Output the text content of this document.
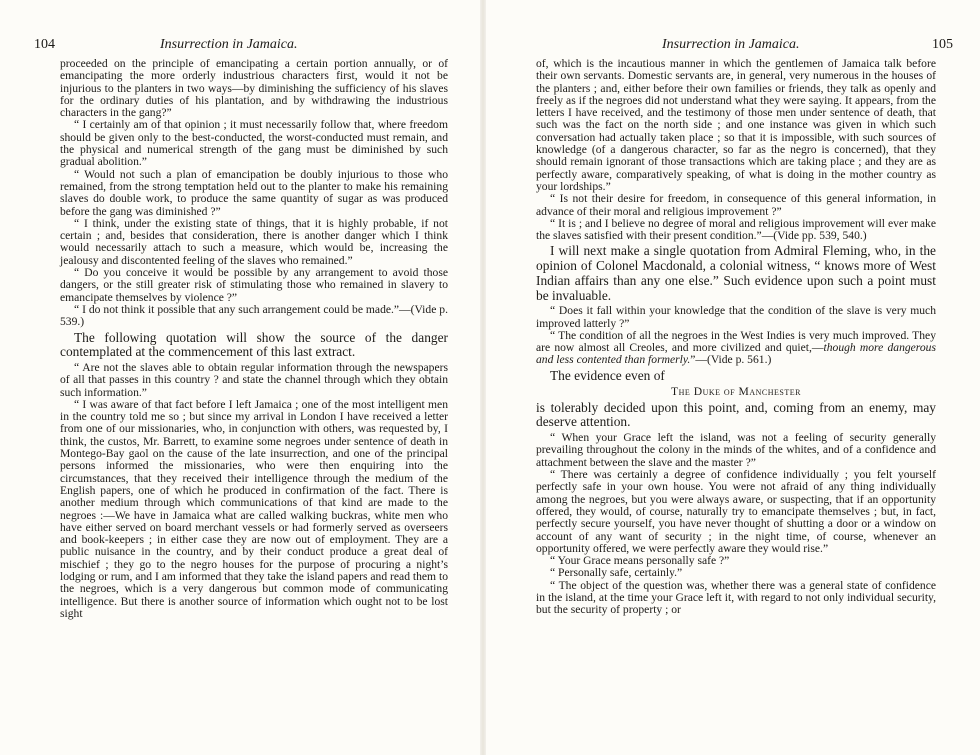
104	Insurrection in Jamaica.

proceeded on the principle of emancipating a certain portion annually, or of emancipating the more orderly industrious characters first, would it not be injurious to the planters in two ways—by diminishing the sufficiency of his slaves for the ordinary duties of his plantation, and by withdrawing the industrious characters in the gang?”

“ I certainly am of that opinion ; it must necessarily follow that, where freedom should be given only to the best-conducted, the worst-conducted must remain, and the physical and numerical strength of the gang must be diminished by such gradual abolition.”

“ Would not such a plan of emancipation be doubly injurious to those who remained, from the strong temptation held out to the planter to make his remaining slaves do double work, to produce the same quantity of sugar as was produced before the gang was diminished ?”

“ I think, under the existing state of things, that it is highly probable, if not certain ; and, besides that consideration, there is another danger which I think would necessarily attach to such a measure, which would be, increasing the jealousy and discontented feeling of the slaves who remained.”

“ Do you conceive it would be possible by any arrangement to avoid those dangers, or the still greater risk of stimulating those who remained in slavery to emancipate themselves by violence ?”

“ I do not think it possible that any such arrangement could be made.”—(Vide p. 539.)

The following quotation will show the source of the danger contemplated at the commencement of this last extract.

“ Are not the slaves able to obtain regular information through the newspapers of all that passes in this country ? and state the channel through which they obtain such information.”

“ I was aware of that fact before I left Jamaica ; one of the most intelligent men in the country told me so ; but since my arrival in London I have received a letter from one of our missionaries, who, in conjunction with others, was requested by, I think, the custos, Mr. Barrett, to examine some negroes under sentence of death in Montego-Bay gaol on the cause of the late insurrection, and one of the principal persons informed the missionaries, who were then enquiring into the circumstances, that they received their intelligence through the medium of the English papers, one of which he produced in confirmation of the fact. There is another medium through which communications of that kind are made to the negroes :—We have in Jamaica what are called walking buckras, white men who have either served on board merchant vessels or had formerly served as overseers and book-keepers ; in either case they are now out of employment. They are a public nuisance in the country, and by their conduct produce a great deal of mischief ; they go to the negro houses for the purpose of procuring a night’s lodging or rum, and I am informed that they take the island papers and read them to the negroes, which is a very dangerous but common mode of communicating intelligence. But there is another source of information which ought not to be lost sight

Insurrection in Jamaica.	105

of, which is the incautious manner in which the gentlemen of Jamaica talk before their own servants. Domestic servants are, in general, very numerous in the houses of the planters ; and, either before their own families or friends, they talk as openly and freely as if the negroes did not understand what they were saying. It appears, from the letters I have received, and the testimony of those men under sentence of death, that such was the fact on the north side ; and one instance was given in which such conversation had actually taken place ; so that it is impossible, with such sources of knowledge (of a dangerous character, so far as the negro is concerned), that they should remain ignorant of those transactions which are taking place ; and they are as perfectly aware, comparatively speaking, of what is doing in the mother country as your lordships.”

“ Is not their desire for freedom, in consequence of this general information, in advance of their moral and religious improvement ?”

“ It is ; and I believe no degree of moral and religious improvement will ever make the slaves satisfied with their present condition.”—(Vide pp. 539, 540.)

I will next make a single quotation from Admiral Fleming, who, in the opinion of Colonel Macdonald, a colonial witness, “ knows more of West Indian affairs than any one else.” Such evidence upon such a point must be invaluable.

“ Does it fall within your knowledge that the condition of the slave is very much improved latterly ?”

“ The condition of all the negroes in the West Indies is very much improved. They are now almost all Creoles, and more civilized and quiet,—though more dangerous and less contented than formerly.”—(Vide p. 561.)

The evidence even of

The Duke of Manchester

is tolerably decided upon this point, and, coming from an enemy, may deserve attention.

“ When your Grace left the island, was not a feeling of security generally prevailing throughout the colony in the minds of the whites, and of a confidence and attachment between the slave and the master ?”

“ There was certainly a degree of confidence individually ; you felt yourself perfectly safe in your own house. You were not afraid of any thing individually among the negroes, but you were always aware, or suspecting, that if an opportunity offered, they would, of course, naturally try to emancipate themselves ; but, in fact, perfectly secure yourself, you have never thought of shutting a door or a window on account of any want of security ; in the night time, of course, whenever an opportunity offered, we were perfectly aware they would rise.”

“ Your Grace means personally safe ?”

“ Personally safe, certainly.”

“ The object of the question was, whether there was a general state of confidence in the island, at the time your Grace left it, with regard to not only individual security, but the security of property ; or
